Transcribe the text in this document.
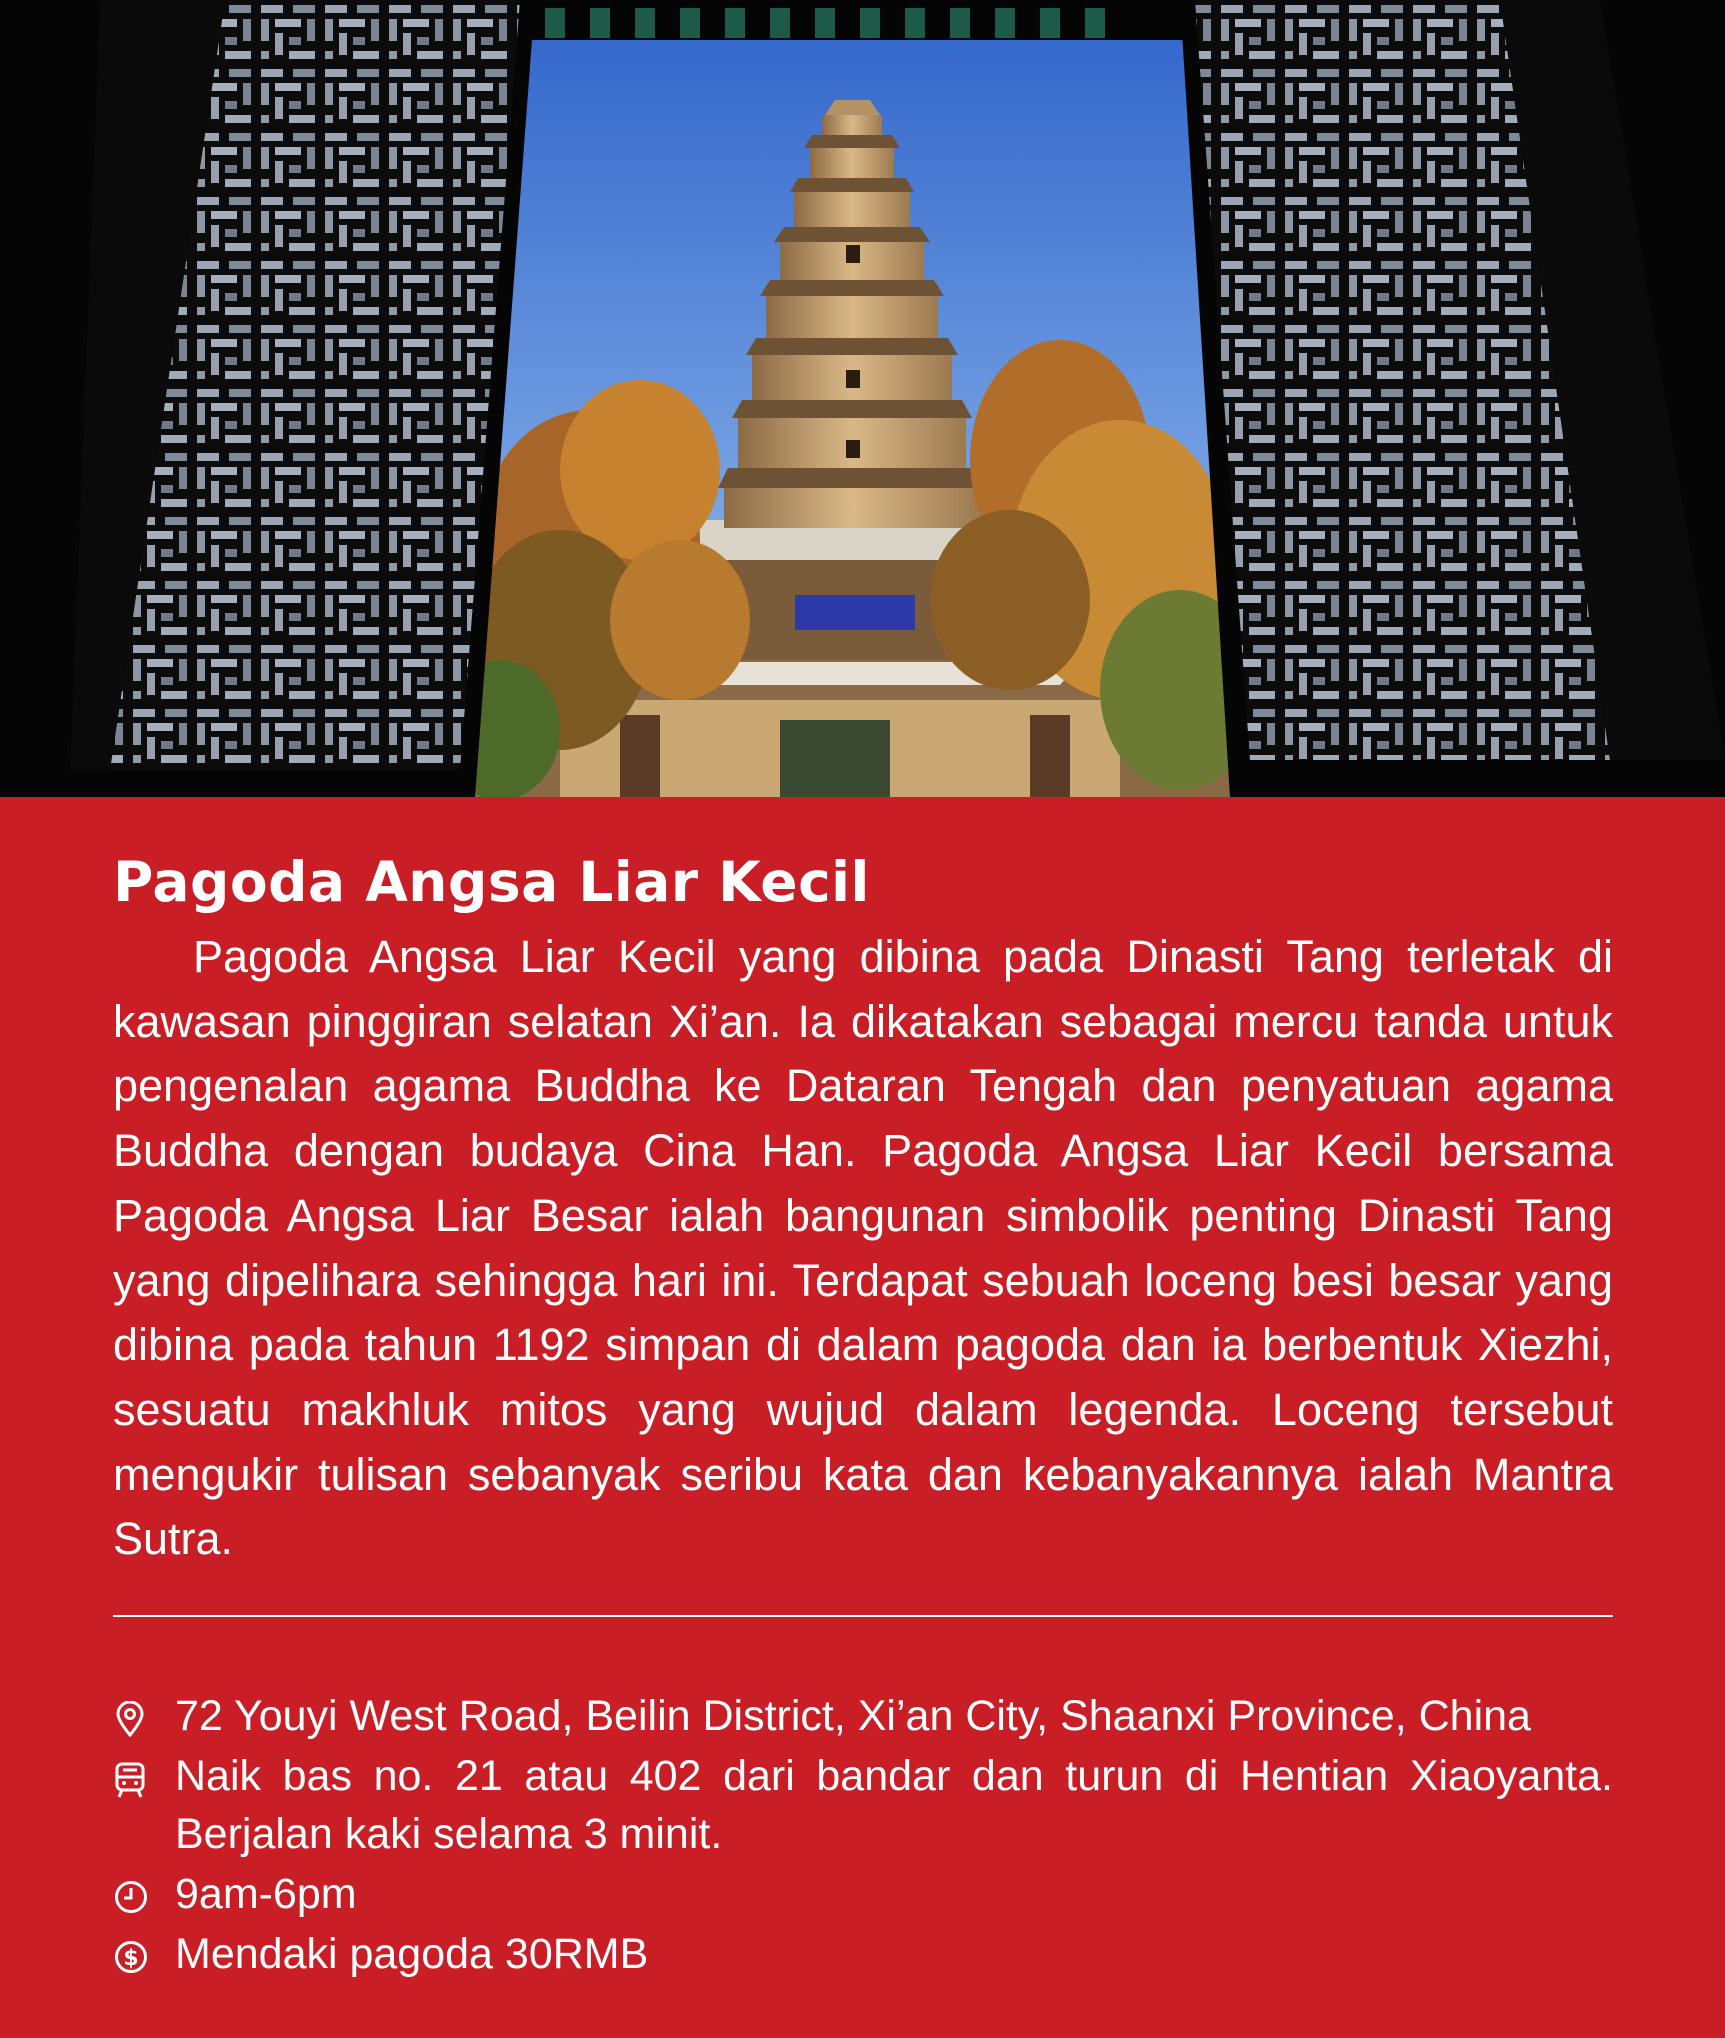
Pagoda Angsa Liar Kecil

Pagoda Angsa Liar Kecil yang dibina pada Dinasti Tang terletak di kawasan pinggiran selatan Xi’an. Ia dikatakan sebagai mercu tanda untuk pengenalan agama Buddha ke Dataran Tengah dan penyatuan agama Buddha dengan budaya Cina Han. Pagoda Angsa Liar Kecil bersama Pagoda Angsa Liar Besar ialah bangunan simbolik penting Dinasti Tang yang dipelihara sehingga hari ini. Terdapat sebuah loceng besi besar yang dibina pada tahun 1192 simpan di dalam pagoda dan ia berbentuk Xiezhi, sesuatu makhluk mitos yang wujud dalam legenda. Loceng tersebut mengukir tulisan sebanyak seribu kata dan kebanyakannya ialah Mantra Sutra.

72 Youyi West Road, Beilin District, Xi’an City, Shaanxi Province, China
Naik bas no. 21 atau 402 dari bandar dan turun di Hentian Xiaoyanta. Berjalan kaki selama 3 minit.
9am-6pm
$ Mendaki pagoda 30RMB
